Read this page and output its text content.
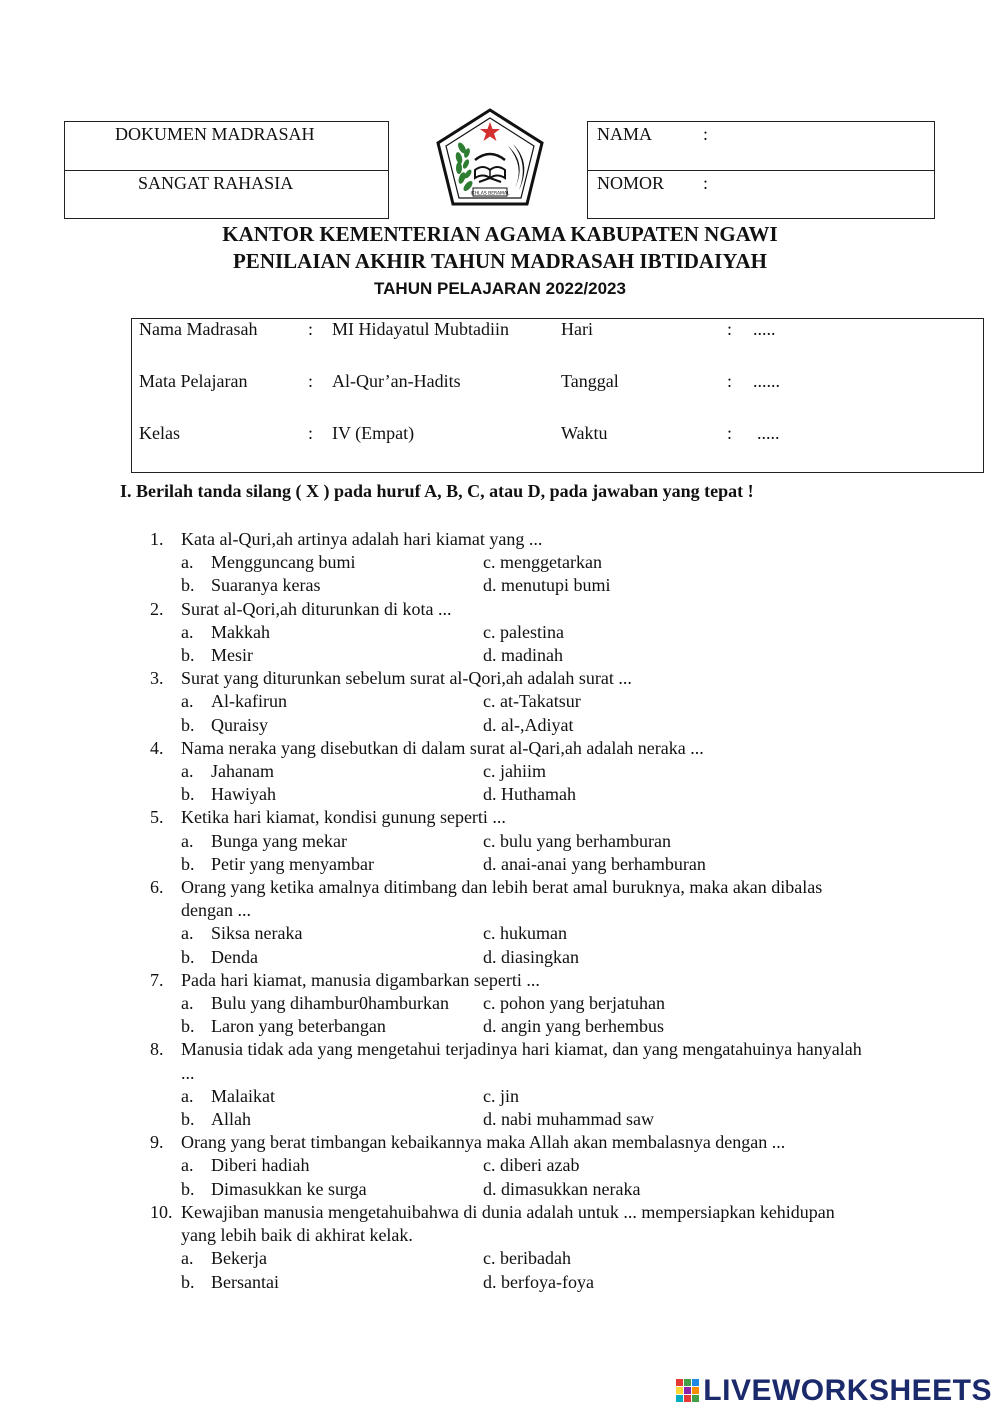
DOKUMEN MADRASAH
SANGAT RAHASIA
NAMA	:
NOMOR :
IKHLAS BERAMAL
KANTOR KEMENTERIAN AGAMA KABUPATEN NGAWI
PENILAIAN AKHIR TAHUN MADRASAH IBTIDAIYAH
TAHUN PELAJARAN 2022/2023
Nama Madrasah	: MI Hidayatul Mubtadiin	Hari	: .....
Mata Pelajaran	: Al-Qur’an-Hadits	Tanggal	: ......
Kelas	: IV (Empat)	Waktu	: .....
I. Berilah tanda silang ( X ) pada huruf A, B, C, atau D, pada jawaban yang tepat !
1. Kata al-Quri,ah artinya adalah hari kiamat yang ...
a. Mengguncang bumi	c. menggetarkan
b. Suaranya keras	d. menutupi bumi
2. Surat al-Qori,ah diturunkan di kota ...
a. Makkah	c. palestina
b. Mesir	d. madinah
3. Surat yang diturunkan sebelum surat al-Qori,ah adalah surat ...
a. Al-kafirun	c. at-Takatsur
b. Quraisy	d. al-,Adiyat
4. Nama neraka yang disebutkan di dalam surat al-Qari,ah adalah neraka ...
a. Jahanam	c. jahiim
b. Hawiyah	d. Huthamah
5. Ketika hari kiamat, kondisi gunung seperti ...
a. Bunga yang mekar	c. bulu yang berhamburan
b. Petir yang menyambar	d. anai-anai yang berhamburan
6. Orang yang ketika amalnya ditimbang dan lebih berat amal buruknya, maka akan dibalas dengan ...
a. Siksa neraka	c. hukuman
b. Denda	d. diasingkan
7. Pada hari kiamat, manusia digambarkan seperti ...
a. Bulu yang dihambur0hamburkan	c. pohon yang berjatuhan
b. Laron yang beterbangan	d. angin yang berhembus
8. Manusia tidak ada yang mengetahui terjadinya hari kiamat, dan yang mengatahuinya hanyalah ...
a. Malaikat	c. jin
b. Allah	d. nabi muhammad saw
9. Orang yang berat timbangan kebaikannya maka Allah akan membalasnya dengan ...
a. Diberi hadiah	c. diberi azab
b. Dimasukkan ke surga	d. dimasukkan neraka
10. Kewajiban manusia mengetahuibahwa di dunia adalah untuk ... mempersiapkan kehidupan yang lebih baik di akhirat kelak.
a. Bekerja	c. beribadah
b. Bersantai	d. berfoya-foya
LIVEWORKSHEETS
